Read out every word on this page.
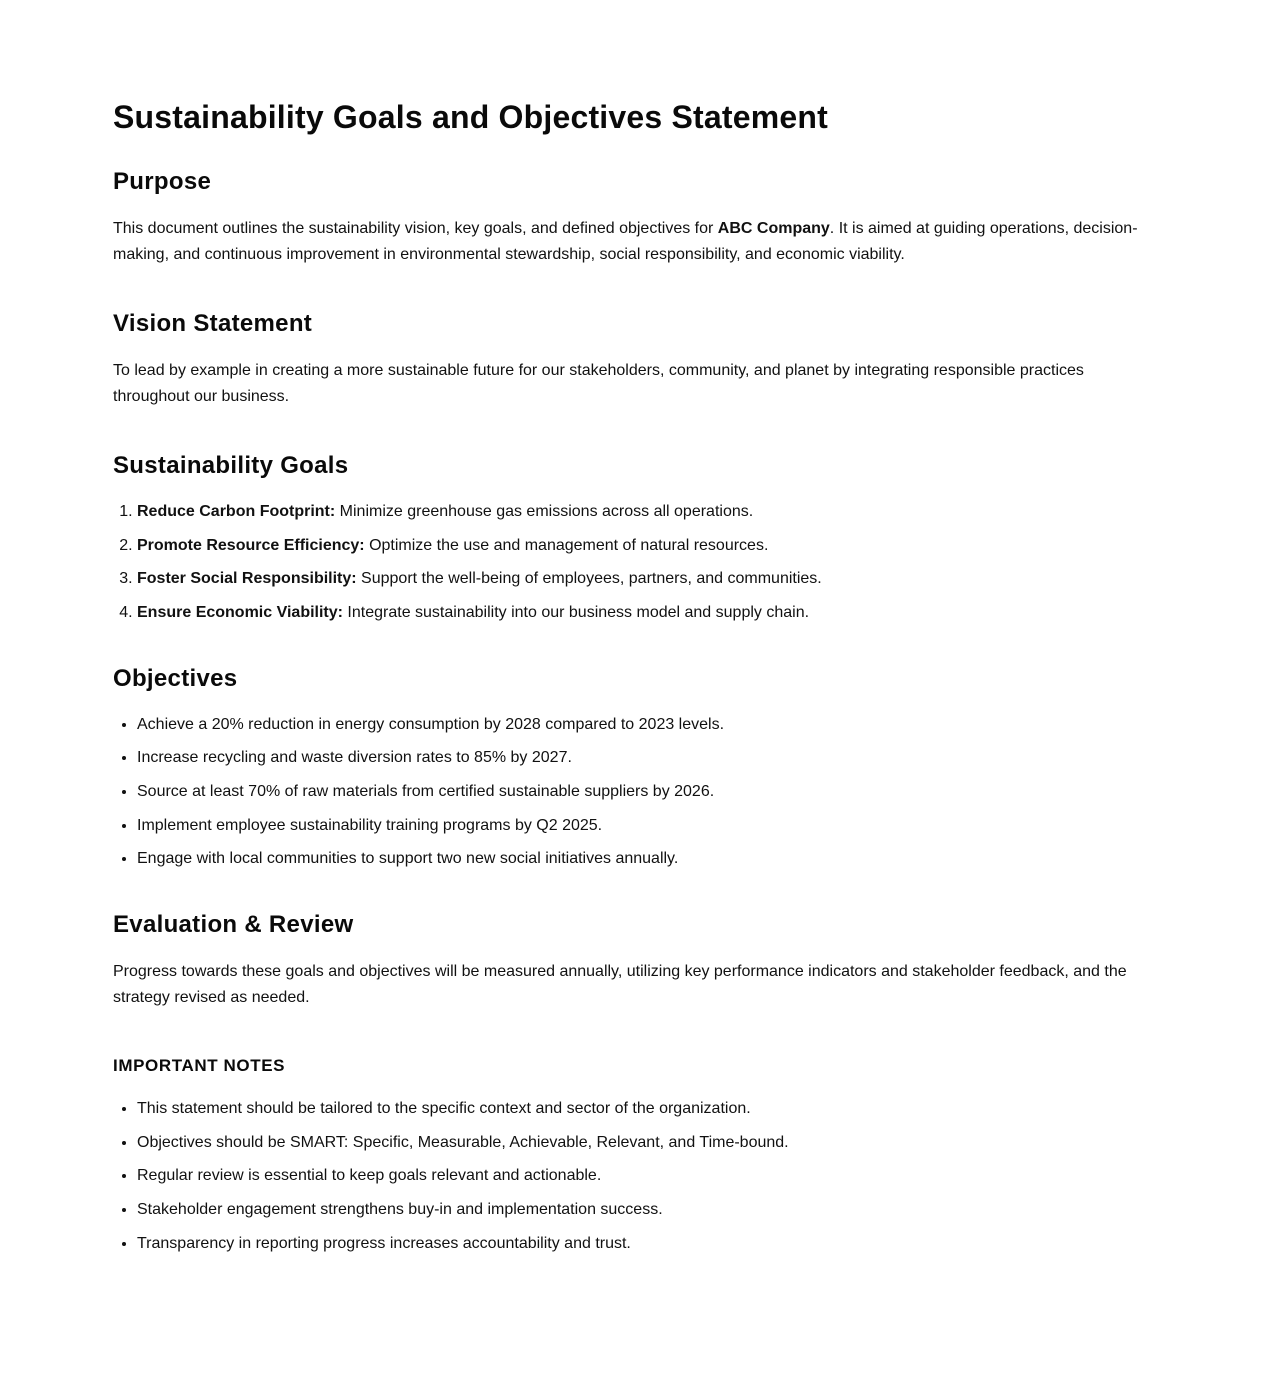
Sustainability Goals and Objectives Statement
Purpose

This document outlines the sustainability vision, key goals, and defined objectives for ABC Company. It is aimed at guiding operations, decision-making, and continuous improvement in environmental stewardship, social responsibility, and economic viability.

Vision Statement

To lead by example in creating a more sustainable future for our stakeholders, community, and planet by integrating responsible practices throughout our business.

Sustainability Goals
1. Reduce Carbon Footprint: Minimize greenhouse gas emissions across all operations.
2. Promote Resource Efficiency: Optimize the use and management of natural resources.
3. Foster Social Responsibility: Support the well-being of employees, partners, and communities.
4. Ensure Economic Viability: Integrate sustainability into our business model and supply chain.
Objectives
• Achieve a 20% reduction in energy consumption by 2028 compared to 2023 levels.
• Increase recycling and waste diversion rates to 85% by 2027.
• Source at least 70% of raw materials from certified sustainable suppliers by 2026.
• Implement employee sustainability training programs by Q2 2025.
• Engage with local communities to support two new social initiatives annually.
Evaluation & Review

Progress towards these goals and objectives will be measured annually, utilizing key performance indicators and stakeholder feedback, and the strategy revised as needed.

IMPORTANT NOTES
• This statement should be tailored to the specific context and sector of the organization.
• Objectives should be SMART: Specific, Measurable, Achievable, Relevant, and Time-bound.
• Regular review is essential to keep goals relevant and actionable.
• Stakeholder engagement strengthens buy-in and implementation success.
• Transparency in reporting progress increases accountability and trust.
